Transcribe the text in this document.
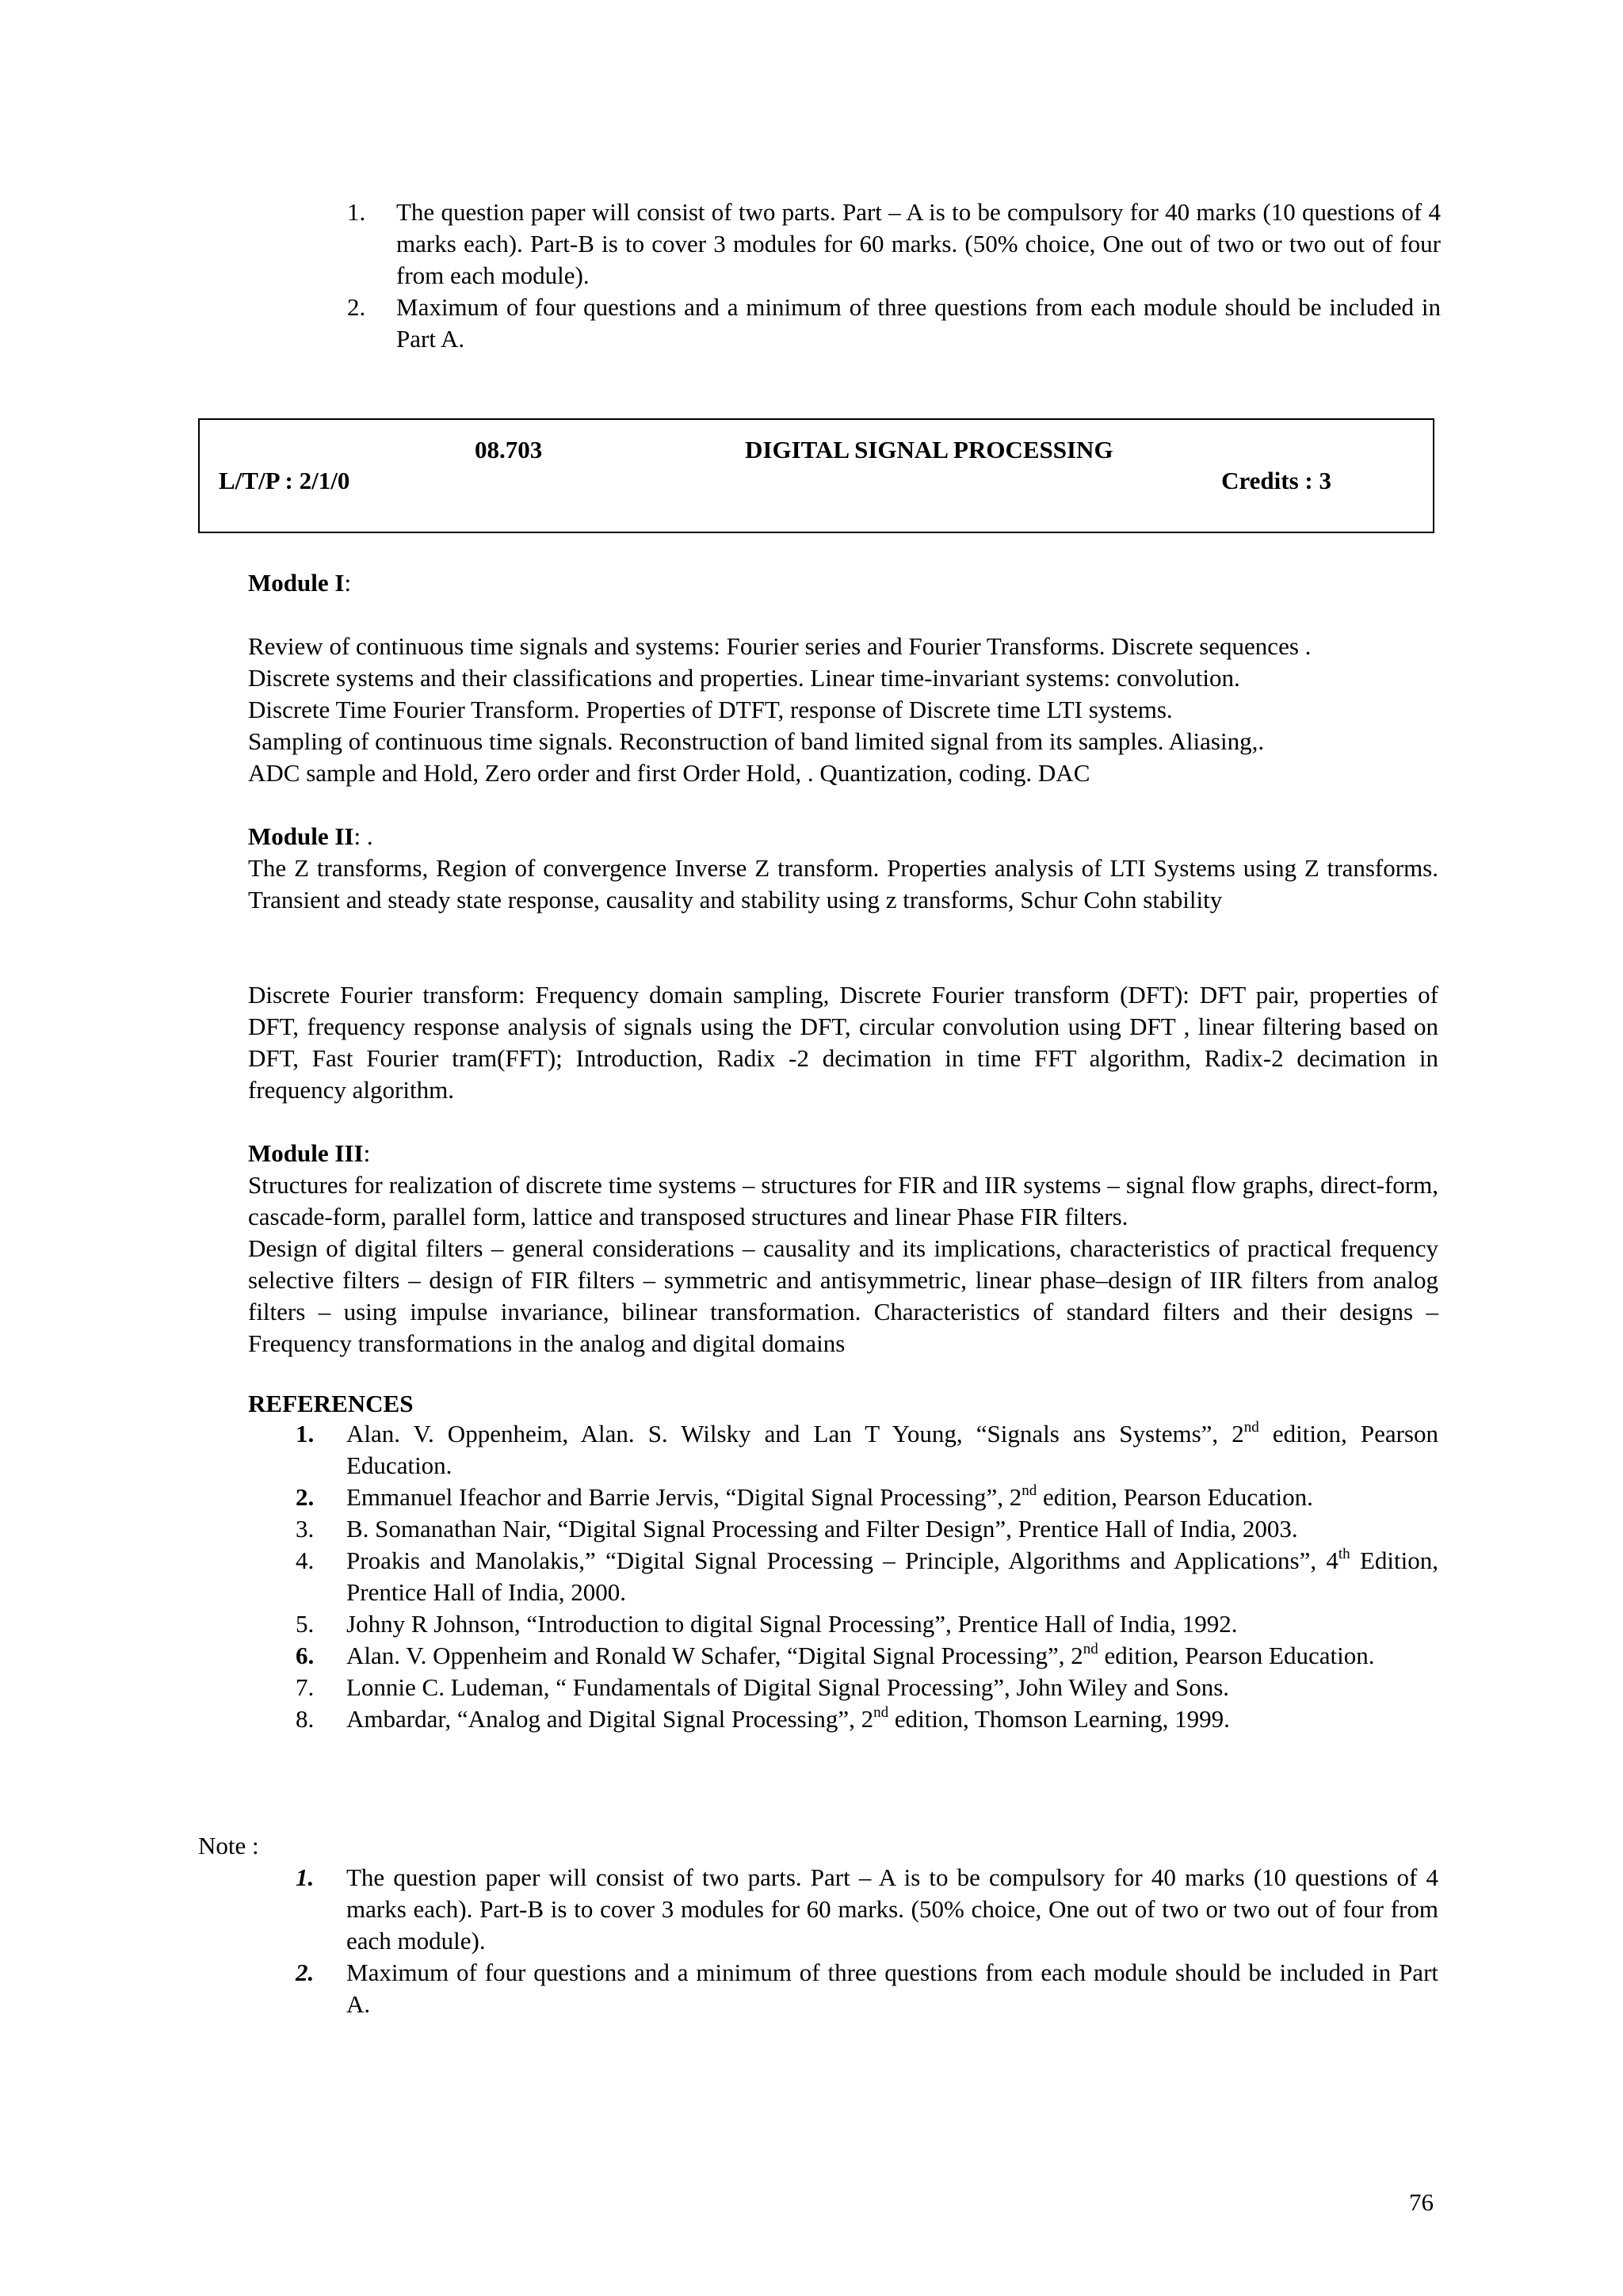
1. The question paper will consist of two parts. Part – A is to be compulsory for 40 marks (10 questions of 4 marks each). Part-B is to cover 3 modules for 60 marks. (50% choice, One out of two or two out of four from each module).
2. Maximum of four questions and a minimum of three questions from each module should be included in Part A.
08.703	DIGITAL SIGNAL PROCESSING
L/T/P : 2/1/0	Credits : 3
Module I:
Review of continuous time signals and systems: Fourier series and Fourier Transforms. Discrete sequences .
Discrete systems and their classifications and properties. Linear time-invariant systems: convolution.
Discrete Time Fourier Transform. Properties of DTFT, response of Discrete time LTI systems.
Sampling of continuous time signals. Reconstruction of band limited signal from its samples. Aliasing,.
ADC sample and Hold, Zero order and first Order Hold, . Quantization, coding. DAC
Module II: .
The Z transforms, Region of convergence Inverse Z transform. Properties analysis of LTI Systems using Z transforms. Transient and steady state response, causality and stability using z transforms, Schur Cohn stability
Discrete Fourier transform: Frequency domain sampling, Discrete Fourier transform (DFT): DFT pair, properties of DFT, frequency response analysis of signals using the DFT, circular convolution using DFT , linear filtering based on DFT, Fast Fourier tram(FFT); Introduction, Radix -2 decimation in time FFT algorithm, Radix-2 decimation in frequency algorithm.
Module III:
Structures for realization of discrete time systems – structures for FIR and IIR systems – signal flow graphs, direct-form, cascade-form, parallel form, lattice and transposed structures and linear Phase FIR filters.
Design of digital filters – general considerations – causality and its implications, characteristics of practical frequency selective filters – design of FIR filters – symmetric and antisymmetric, linear phase–design of IIR filters from analog filters – using impulse invariance, bilinear transformation. Characteristics of standard filters and their designs – Frequency transformations in the analog and digital domains
REFERENCES
1. Alan. V. Oppenheim, Alan. S. Wilsky and Lan T Young, “Signals ans Systems”, 2nd edition, Pearson Education.
2. Emmanuel Ifeachor and Barrie Jervis, “Digital Signal Processing”, 2nd edition, Pearson Education.
3. B. Somanathan Nair, “Digital Signal Processing and Filter Design”, Prentice Hall of India, 2003.
4. Proakis and Manolakis,” “Digital Signal Processing – Principle, Algorithms and Applications”, 4th Edition, Prentice Hall of India, 2000.
5. Johny R Johnson, “Introduction to digital Signal Processing”, Prentice Hall of India, 1992.
6. Alan. V. Oppenheim and Ronald W Schafer, “Digital Signal Processing”, 2nd edition, Pearson Education.
7. Lonnie C. Ludeman, “ Fundamentals of Digital Signal Processing”, John Wiley and Sons.
8. Ambardar, “Analog and Digital Signal Processing”, 2nd edition, Thomson Learning, 1999.
Note :
1. The question paper will consist of two parts. Part – A is to be compulsory for 40 marks (10 questions of 4 marks each). Part-B is to cover 3 modules for 60 marks. (50% choice, One out of two or two out of four from each module).
2. Maximum of four questions and a minimum of three questions from each module should be included in Part A.
76
